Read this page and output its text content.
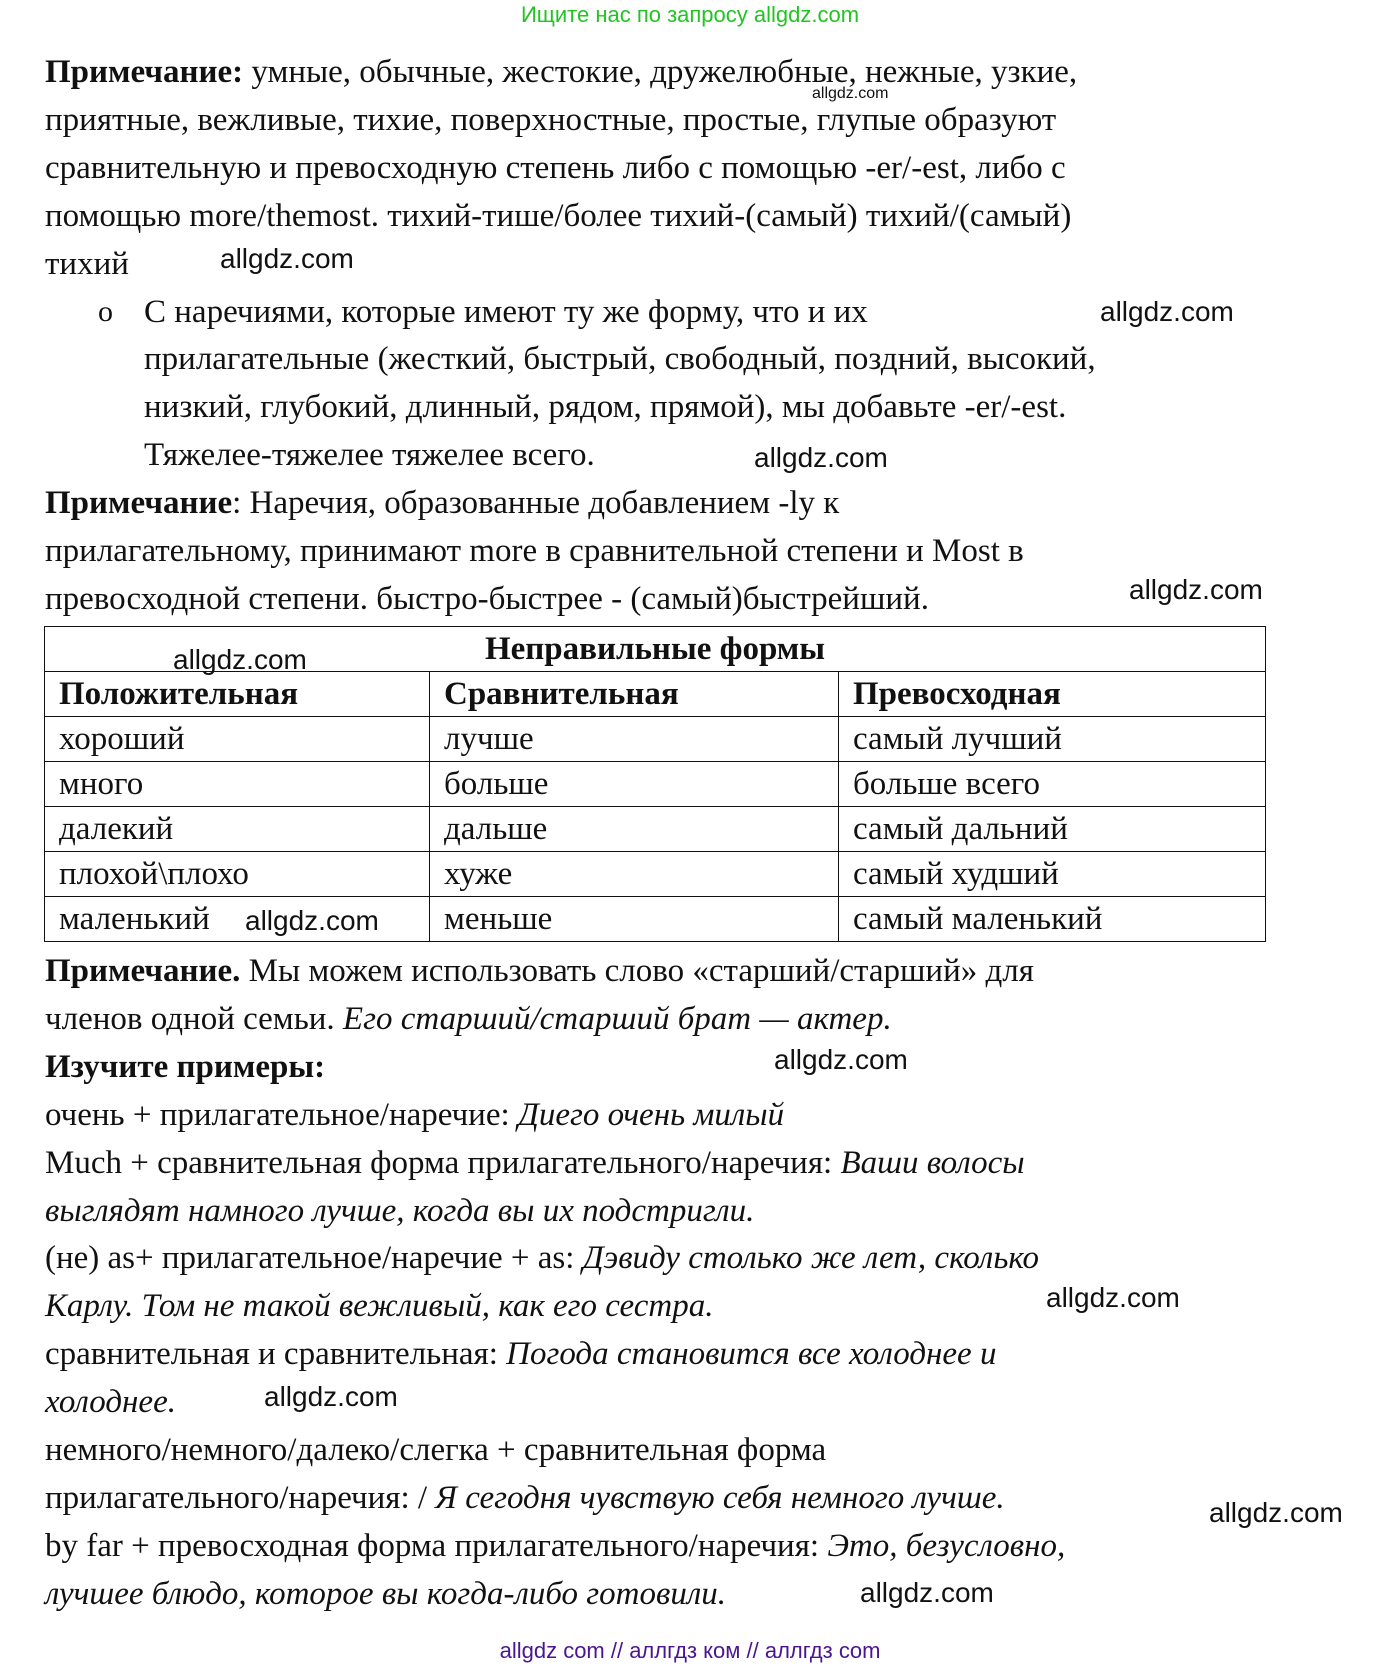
Ищите нас по запросу allgdz.com
Примечание: умные, обычные, жестокие, дружелюбные, нежные, узкие,
приятные, вежливые, тихие, поверхностные, простые, глупые образуют
сравнительную и превосходную степень либо с помощью -er/-est, либо с
помощью more/themost. тихий-тише/более тихий-(самый) тихий/(самый)
тихий
С наречиями, которые имеют ту же форму, что и их
прилагательные (жесткий, быстрый, свободный, поздний, высокий,
низкий, глубокий, длинный, рядом, прямой), мы добавьте -er/-est.
Тяжелее-тяжелее тяжелее всего.
Примечание: Наречия, образованные добавлением -ly к
прилагательному, принимают more в сравнительной степени и Most в
превосходной степени. быстро-быстрее - (самый)быстрейший.
o
Неправильные формы		
Положительная	Сравнительная	Превосходная
хороший	лучше	самый лучший
много	больше	больше всего
далекий	дальше	самый дальний
плохой\плохо	хуже	самый худший
маленький	меньше	самый маленький
Примечание. Мы можем использовать слово «старший/старший» для
членов одной семьи. Его старший/старший брат — актер.
Изучите примеры:
очень + прилагательное/наречие: Диего очень милый
Much + сравнительная форма прилагательного/наречия: Ваши волосы
выглядят намного лучше, когда вы их подстригли.
(не) as+ прилагательное/наречие + as: Дэвиду столько же лет, сколько
Карлу. Том не такой вежливый, как его сестра.
сравнительная и сравнительная: Погода становится все холоднее и
холоднее.
немного/немного/далеко/слегка + сравнительная форма
прилагательного/наречия: / Я сегодня чувствую себя немного лучше.
by far + превосходная форма прилагательного/наречия: Это, безусловно,
лучшее блюдо, которое вы когда-либо готовили.
allgdz.com
allgdz.com
allgdz.com
allgdz.com
allgdz.com
allgdz.com
allgdz.com
allgdz.com
allgdz.com
allgdz.com
allgdz.com
allgdz.com
allgdz com // аллгдз ком // аллгдз com
